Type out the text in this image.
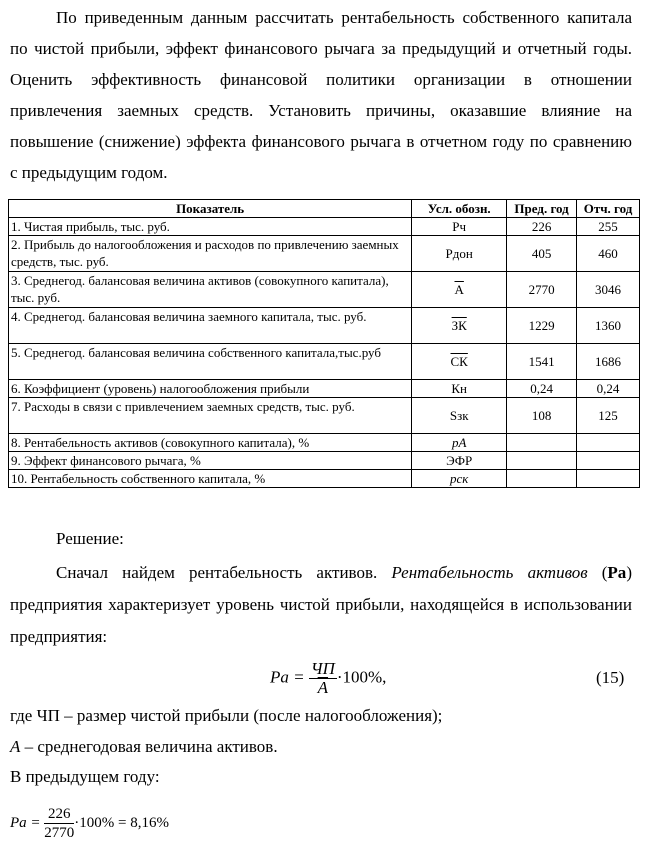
По приведенным данным рассчитать рентабельность собственного капитала по чистой прибыли, эффект финансового рычага за предыдущий и отчетный годы. Оценить эффективность финансовой политики организации в отношении привлечения заемных средств. Установить причины, оказавшие влияние на повышение (снижение) эффекта финансового рычага в отчетном году по сравнению с предыдущим годом.
Показатель	Усл. обозн.	Пред. год	Отч. год
1. Чистая прибыль, тыс. руб.	Pч	226	255
2. Прибыль до налогообложения и расходов по привлечению заемных средств, тыс. руб.	Pдон	405	460
3. Среднегод. балансовая величина активов (совокупного капитала), тыс. руб.	$\overline{A}$	2770	3046
4. Среднегод. балансовая величина заемного капитала, тыс. руб.	ЗК	1229	1360
5. Среднегод. балансовая величина собственного капитала,тыс.руб	СК	1541	1686
6. Коэффициент (уровень) налогообложения прибыли	Кн	0,24	0,24
7. Расходы в связи с привлечением заемных средств, тыс. руб.	Sзк	108	125
8. Рентабельность активов (совокупного капитала), %	pA		
9. Эффект финансового рычага, %	ЭФР		
10. Рентабельность собственного капитала, %	pск		
Решение:
Сначал найдем рентабельность активов. Рентабельность активов (Ра) предприятия характеризует уровень чистой прибыли, находящейся в использовании предприятия:
$Pa = \frac{ЧП}{A} \cdot 100\%$,	(15)
где ЧП – размер чистой прибыли (после налогообложения);
A – среднегодовая величина активов.
В предыдущем году:
$Pa = \frac{226}{2770} \cdot 100\% = 8,16\%$
